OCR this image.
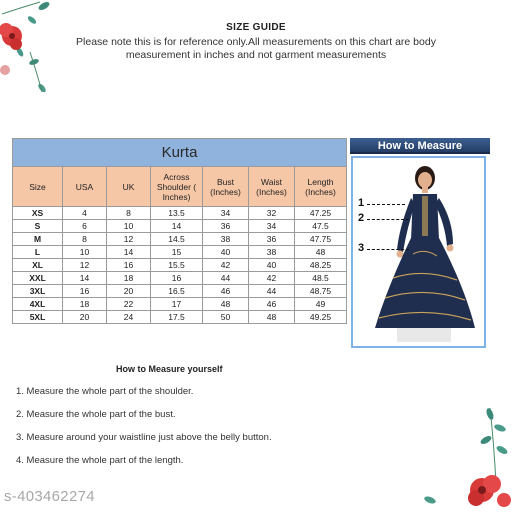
SIZE GUIDE
Please note this is for reference only.All measurements on this chart are body measurement in inches and not garment measurements
Kurta						
Size	USA	UK	Across Shoulder ( Inches)	Bust (Inches)	Waist (Inches)	Length (Inches)
XS	4	8	13.5	34	32	47.25
S	6	10	14	36	34	47.5
M	8	12	14.5	38	36	47.75
L	10	14	15	40	38	48
XL	12	16	15.5	42	40	48.25
XXL	14	18	16	44	42	48.5
3XL	16	20	16.5	46	44	48.75
4XL	18	22	17	48	46	49
5XL	20	24	17.5	50	48	49.25
How to Measure
1
2
3
How to Measure yourself
1. Measure the whole part of the shoulder.
2. Measure the whole part of the bust.
3. Measure around your waistline just above the belly button.
4. Measure the whole part of the length.
s-403462274
